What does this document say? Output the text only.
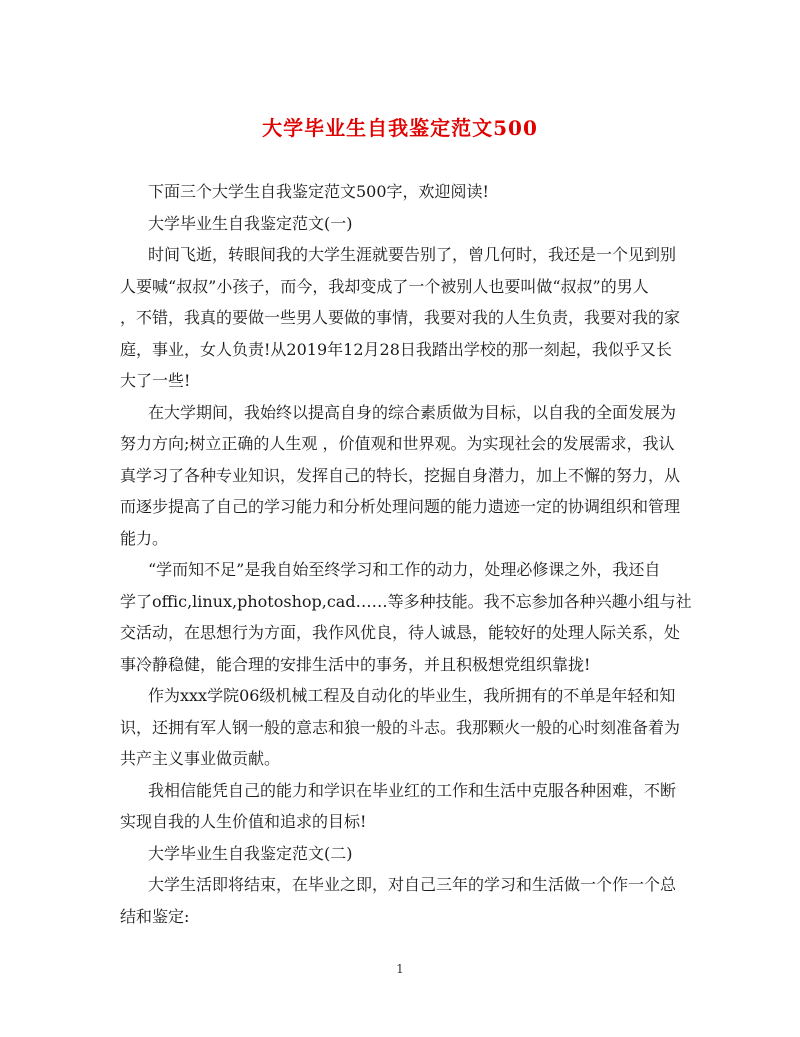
大学毕业生自我鉴定范文500

下面三个大学生自我鉴定范文500字，欢迎阅读!

大学毕业生自我鉴定范文(一)

时间飞逝，转眼间我的大学生涯就要告别了，曾几何时，我还是一个见到别

人要喊“叔叔”小孩子，而今，我却变成了一个被别人也要叫做“叔叔”的男人

，不错，我真的要做一些男人要做的事情，我要对我的人生负责，我要对我的家

庭，事业，女人负责!从2019年12月28日我踏出学校的那一刻起，我似乎又长

大了一些!

在大学期间，我始终以提高自身的综合素质做为目标，以自我的全面发展为

努力方向;树立正确的人生观 ，价值观和世界观。为实现社会的发展需求，我认

真学习了各种专业知识，发挥自己的特长，挖掘自身潜力，加上不懈的努力，从

而逐步提高了自己的学习能力和分析处理问题的能力遗迹一定的协调组织和管理

能力。

“学而知不足”是我自始至终学习和工作的动力，处理必修课之外，我还自

学了offic,linux,photoshop,cad……等多种技能。我不忘参加各种兴趣小组与社

交活动，在思想行为方面，我作风优良，待人诚恳，能较好的处理人际关系，处

事冷静稳健，能合理的安排生活中的事务，并且积极想党组织靠拢!

作为xxx学院06级机械工程及自动化的毕业生，我所拥有的不单是年轻和知

识，还拥有军人钢一般的意志和狼一般的斗志。我那颗火一般的心时刻准备着为

共产主义事业做贡献。

我相信能凭自己的能力和学识在毕业红的工作和生活中克服各种困难，不断

实现自我的人生价值和追求的目标!

大学毕业生自我鉴定范文(二)

大学生活即将结束，在毕业之即，对自己三年的学习和生活做一个作一个总

结和鉴定:

1
